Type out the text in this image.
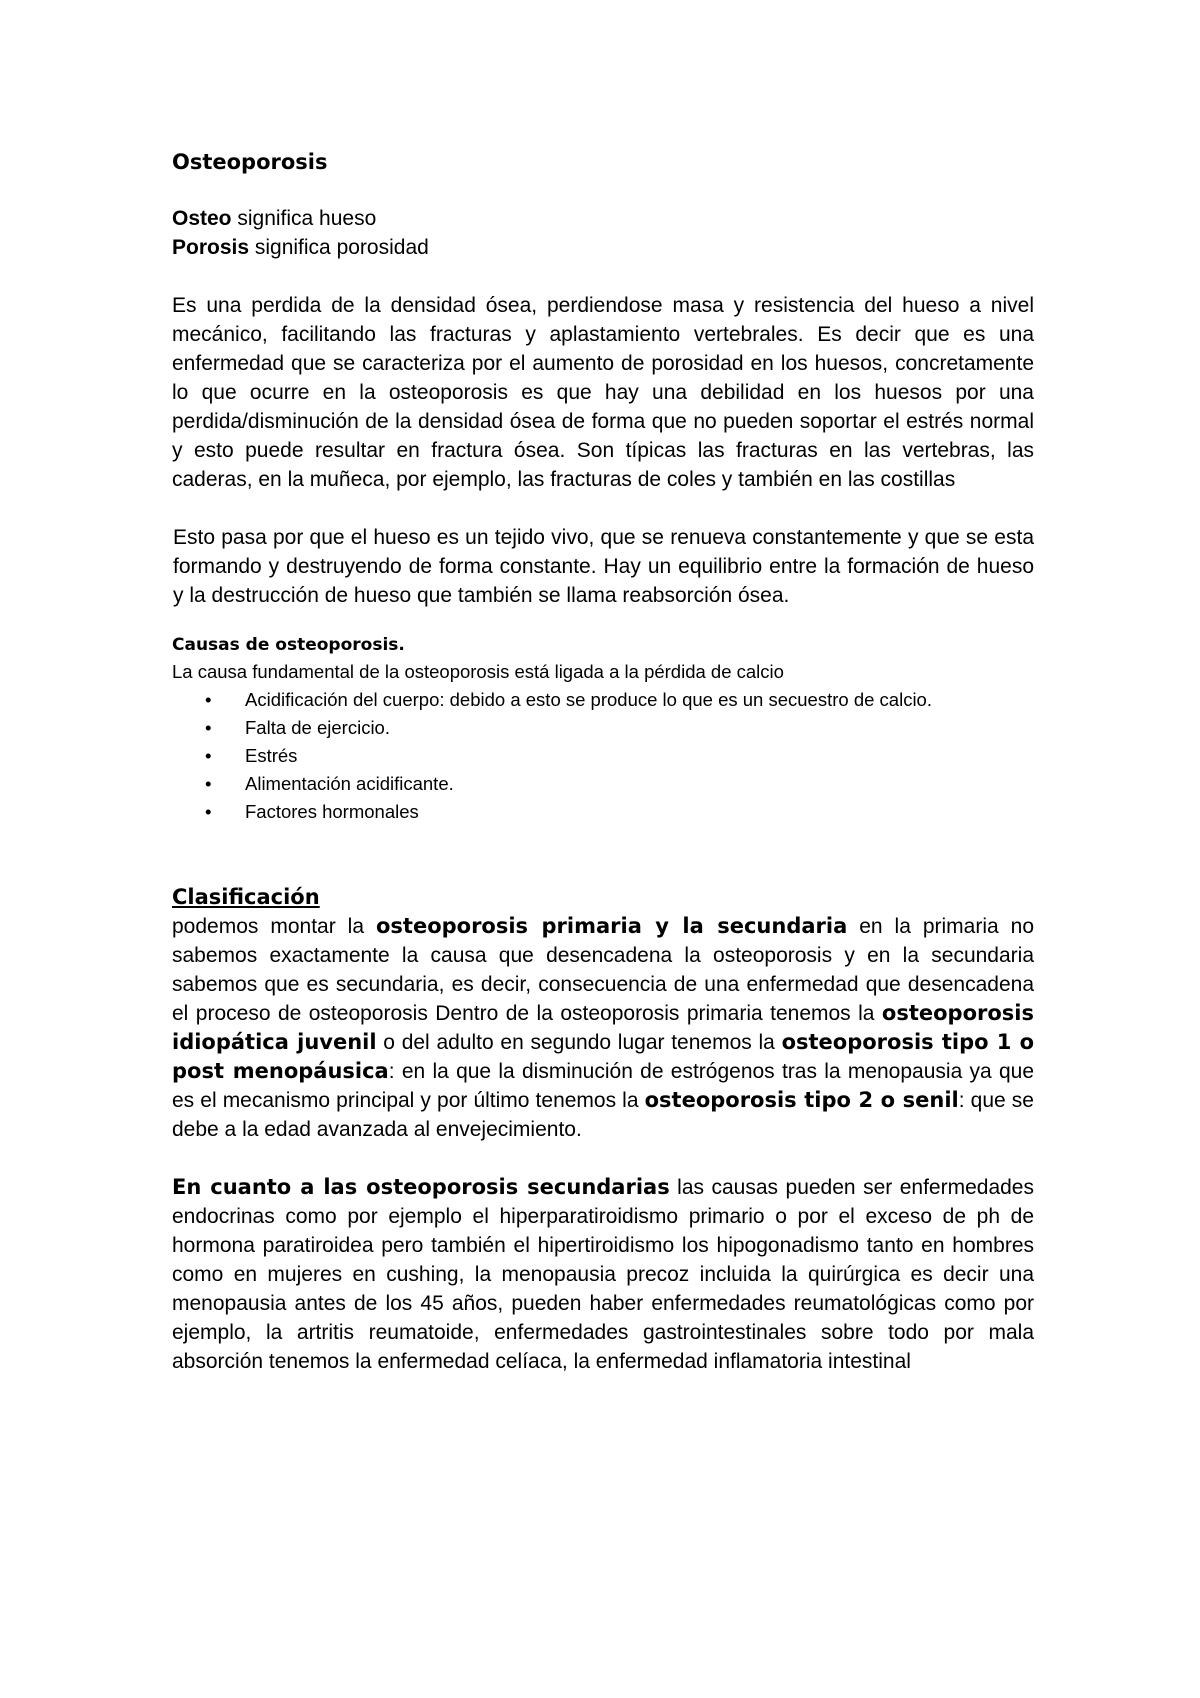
Osteoporosis

Osteo significa hueso

Porosis significa porosidad

Es una perdida de la densidad ósea, perdiendose masa y resistencia del hueso a nivel mecánico, facilitando las fracturas y aplastamiento vertebrales. Es decir que es una enfermedad que se caracteriza por el aumento de porosidad en los huesos, concretamente lo que ocurre en la osteoporosis es que hay una debilidad en los huesos por una perdida/disminución de la densidad ósea de forma que no pueden soportar el estrés normal y esto puede resultar en fractura ósea. Son típicas las fracturas en las vertebras, las caderas, en la muñeca, por ejemplo, las fracturas de coles y también en las costillas

Esto pasa por que el hueso es un tejido vivo, que se renueva constantemente y que se esta formando y destruyendo de forma constante. Hay un equilibrio entre la formación de hueso y la destrucción de hueso que también se llama reabsorción ósea.

Causas de osteoporosis.

La causa fundamental de la osteoporosis está ligada a la pérdida de calcio

• Acidificación del cuerpo: debido a esto se produce lo que es un secuestro de calcio.
• Falta de ejercicio.
• Estrés
• Alimentación acidificante.
• Factores hormonales

Clasificación

podemos montar la osteoporosis primaria y la secundaria en la primaria no sabemos exactamente la causa que desencadena la osteoporosis y en la secundaria sabemos que es secundaria, es decir, consecuencia de una enfermedad que desencadena el proceso de osteoporosis Dentro de la osteoporosis primaria tenemos la osteoporosis idiopática juvenil o del adulto en segundo lugar tenemos la osteoporosis tipo 1 o post menopáusica: en la que la disminución de estrógenos tras la menopausia ya que es el mecanismo principal y por último tenemos la osteoporosis tipo 2 o senil: que se debe a la edad avanzada al envejecimiento.

En cuanto a las osteoporosis secundarias las causas pueden ser enfermedades endocrinas como por ejemplo el hiperparatiroidismo primario o por el exceso de ph de hormona paratiroidea pero también el hipertiroidismo los hipogonadismo tanto en hombres como en mujeres en cushing, la menopausia precoz incluida la quirúrgica es decir una menopausia antes de los 45 años, pueden haber enfermedades reumatológicas como por ejemplo, la artritis reumatoide, enfermedades gastrointestinales sobre todo por mala absorción tenemos la enfermedad celíaca, la enfermedad inflamatoria intestinal
